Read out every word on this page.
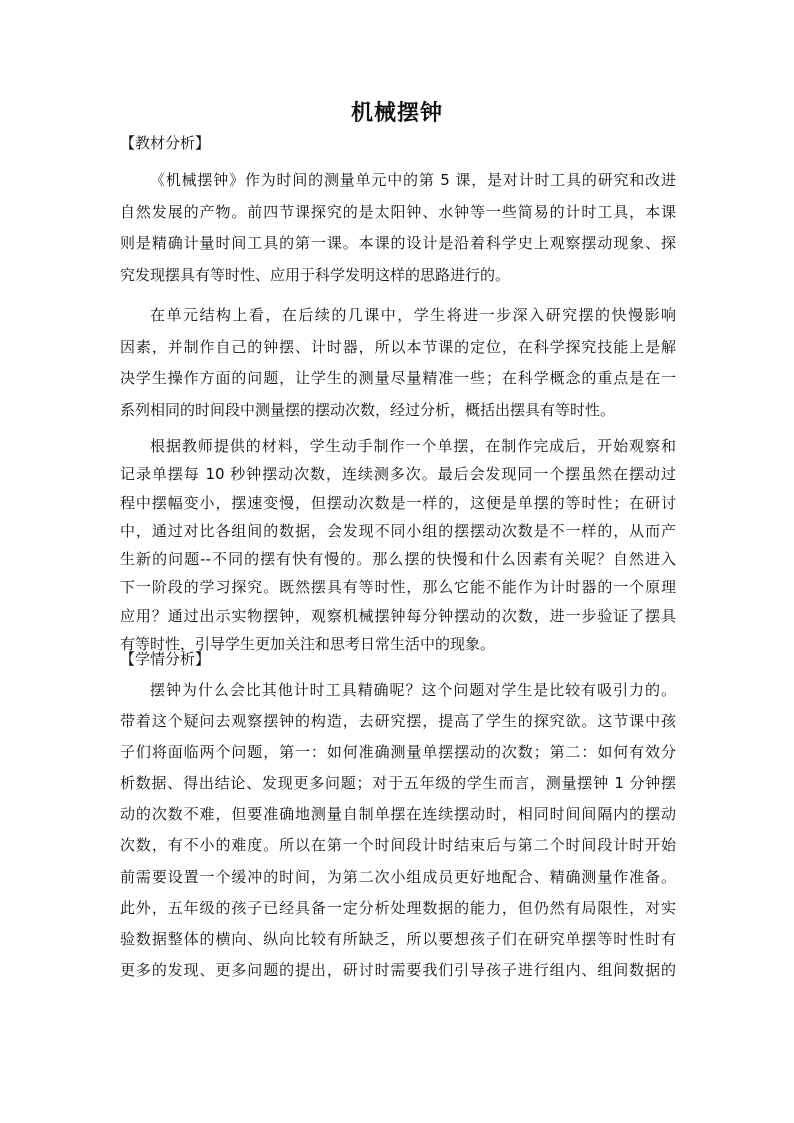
机械摆钟
【教材分析】
《机械摆钟》作为时间的测量单元中的第 5 课，是对计时工具的研究和改进
自然发展的产物。前四节课探究的是太阳钟、水钟等一些简易的计时工具，本课
则是精确计量时间工具的第一课。本课的设计是沿着科学史上观察摆动现象、探
究发现摆具有等时性、应用于科学发明这样的思路进行的。
在单元结构上看，在后续的几课中，学生将进一步深入研究摆的快慢影响
因素，并制作自己的钟摆、计时器，所以本节课的定位，在科学探究技能上是解
决学生操作方面的问题，让学生的测量尽量精准一些；在科学概念的重点是在一
系列相同的时间段中测量摆的摆动次数，经过分析，概括出摆具有等时性。
根据教师提供的材料，学生动手制作一个单摆，在制作完成后，开始观察和
记录单摆每 10 秒钟摆动次数，连续测多次。最后会发现同一个摆虽然在摆动过
程中摆幅变小，摆速变慢，但摆动次数是一样的，这便是单摆的等时性；在研讨
中，通过对比各组间的数据，会发现不同小组的摆摆动次数是不一样的，从而产
生新的问题--不同的摆有快有慢的。那么摆的快慢和什么因素有关呢？自然进入
下一阶段的学习探究。既然摆具有等时性，那么它能不能作为计时器的一个原理
应用？通过出示实物摆钟，观察机械摆钟每分钟摆动的次数，进一步验证了摆具
有等时性，引导学生更加关注和思考日常生活中的现象。
【学情分析】
摆钟为什么会比其他计时工具精确呢？这个问题对学生是比较有吸引力的。
带着这个疑问去观察摆钟的构造，去研究摆，提高了学生的探究欲。这节课中孩
子们将面临两个问题，第一：如何准确测量单摆摆动的次数；第二：如何有效分
析数据、得出结论、发现更多问题；对于五年级的学生而言，测量摆钟 1 分钟摆
动的次数不难，但要准确地测量自制单摆在连续摆动时，相同时间间隔内的摆动
次数，有不小的难度。所以在第一个时间段计时结束后与第二个时间段计时开始
前需要设置一个缓冲的时间，为第二次小组成员更好地配合、精确测量作准备。
此外，五年级的孩子已经具备一定分析处理数据的能力，但仍然有局限性，对实
验数据整体的横向、纵向比较有所缺乏，所以要想孩子们在研究单摆等时性时有
更多的发现、更多问题的提出，研讨时需要我们引导孩子进行组内、组间数据的
